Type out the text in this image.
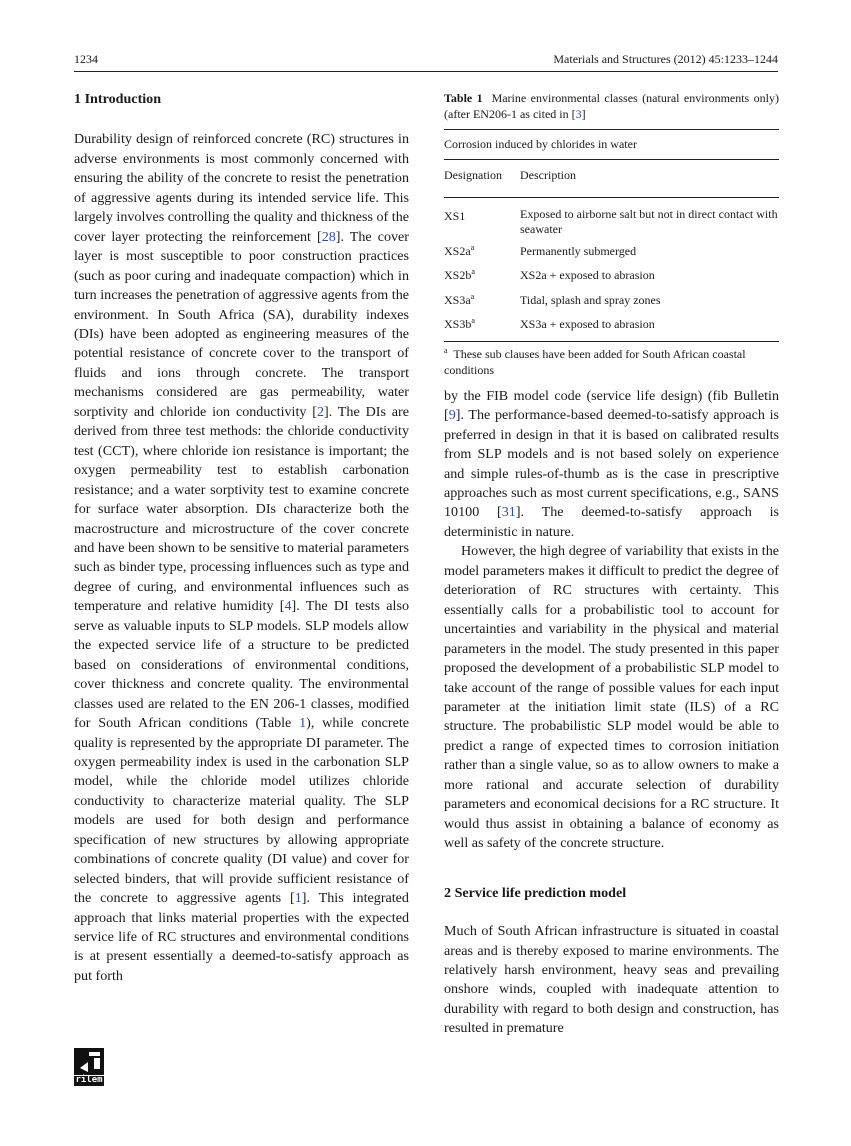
1234	Materials and Structures (2012) 45:1233–1244

1 Introduction

Durability design of reinforced concrete (RC) structures in adverse environments is most commonly concerned with ensuring the ability of the concrete to resist the penetration of aggressive agents during its intended service life. This largely involves controlling the quality and thickness of the cover layer protecting the reinforcement [28]. The cover layer is most susceptible to poor construction practices (such as poor curing and inadequate compaction) which in turn increases the penetration of aggressive agents from the environment. In South Africa (SA), durability indexes (DIs) have been adopted as engineering measures of the potential resistance of concrete cover to the transport of fluids and ions through concrete. The transport mechanisms considered are gas permeability, water sorptivity and chloride ion conductivity [2]. The DIs are derived from three test methods: the chloride conductivity test (CCT), where chloride ion resistance is important; the oxygen permeability test to establish carbonation resistance; and a water sorptivity test to examine concrete for surface water absorption. DIs characterize both the macrostructure and microstructure of the cover concrete and have been shown to be sensitive to material parameters such as binder type, processing influences such as type and degree of curing, and environmental influences such as temperature and relative humidity [4]. The DI tests also serve as valuable inputs to SLP models. SLP models allow the expected service life of a structure to be predicted based on considerations of environmental conditions, cover thickness and concrete quality. The environmental classes used are related to the EN 206-1 classes, modified for South African conditions (Table 1), while concrete quality is represented by the appropriate DI parameter. The oxygen permeability index is used in the carbonation SLP model, while the chloride model utilizes chloride conductivity to characterize material quality. The SLP models are used for both design and performance specification of new structures by allowing appropriate combinations of concrete quality (DI value) and cover for selected binders, that will provide sufficient resistance of the concrete to aggressive agents [1]. This integrated approach that links material properties with the expected service life of RC structures and environmental conditions is at present essentially a deemed-to-satisfy approach as put forth

Table 1 Marine environmental classes (natural environments only) (after EN206-1 as cited in [3]

Corrosion induced by chlorides in water	
Designation	Description
XS1	Exposed to airborne salt but not in direct contact with seawater
$XS2a^a$	Permanently submerged
$XS2b^a$	XS2a + exposed to abrasion
$XS3a^a$	Tidal, splash and spray zones
$XS3b^a$	XS3a + exposed to abrasion

$^a$ These sub clauses have been added for South African coastal conditions

by the FIB model code (service life design) (fib Bulletin [9]. The performance-based deemed-to-satisfy approach is preferred in design in that it is based on calibrated results from SLP models and is not based solely on experience and simple rules-of-thumb as is the case in prescriptive approaches such as most current specifications, e.g., SANS 10100 [31]. The deemed-to-satisfy approach is deterministic in nature.

However, the high degree of variability that exists in the model parameters makes it difficult to predict the degree of deterioration of RC structures with certainty. This essentially calls for a probabilistic tool to account for uncertainties and variability in the physical and material parameters in the model. The study presented in this paper proposed the development of a probabilistic SLP model to take account of the range of possible values for each input parameter at the initiation limit state (ILS) of a RC structure. The probabilistic SLP model would be able to predict a range of expected times to corrosion initiation rather than a single value, so as to allow owners to make a more rational and accurate selection of durability parameters and economical decisions for a RC structure. It would thus assist in obtaining a balance of economy as well as safety of the concrete structure.

2 Service life prediction model

Much of South African infrastructure is situated in coastal areas and is thereby exposed to marine environments. The relatively harsh environment, heavy seas and prevailing onshore winds, coupled with inadequate attention to durability with regard to both design and construction, has resulted in premature

rilem
